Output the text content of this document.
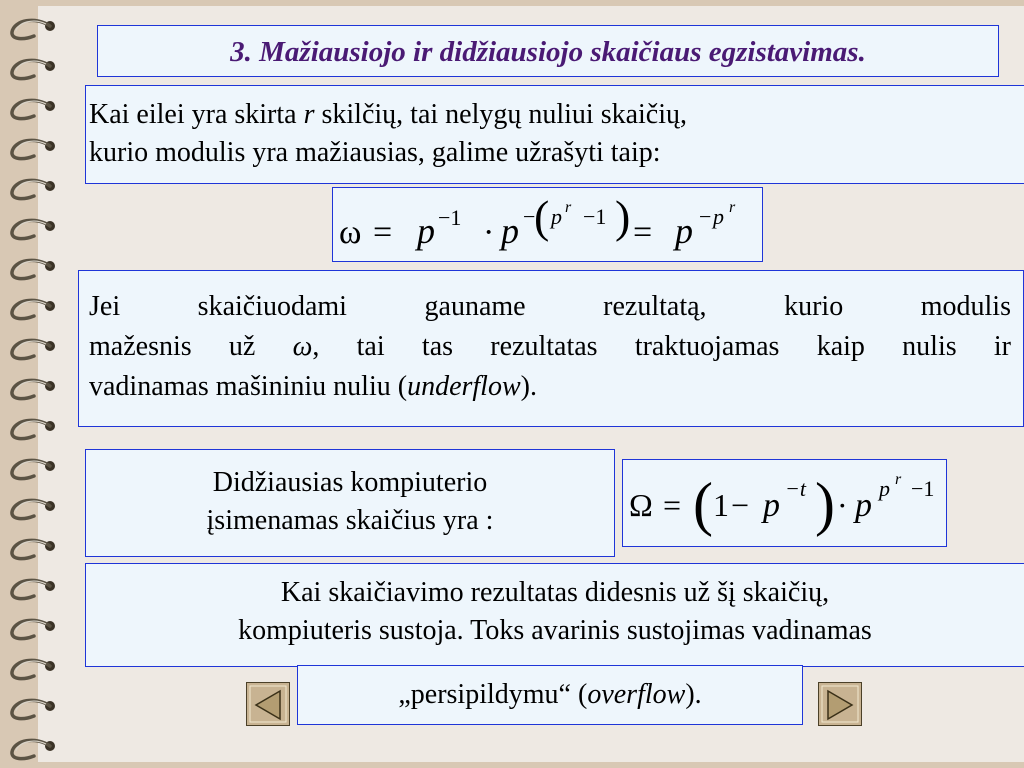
3. Mažiausiojo ir didžiausiojo skaičiaus egzistavimas.
Kai eilei yra skirta r skilčių, tai nelygų nuliui skaičių,
kurio modulis yra mažiausias, galime užrašyti taip:
ω = p −1 · p −
( p r −1 ) = p − p r
Jei skaičiuodami gauname rezultatą, kurio modulis
mažesnis už ω, tai tas rezultatas traktuojamas kaip nulis ir
vadinamas mašininiu nuliu (underflow).
Didžiausias kompiuterio
įsimenamas skaičius yra :	Ω = ( 1 − p −t ) · p p r −1
Kai skaičiavimo rezultatas didesnis už šį skaičių,
kompiuteris sustoja. Toks avarinis sustojimas vadinamas
„persipildymu“ (overflow).
